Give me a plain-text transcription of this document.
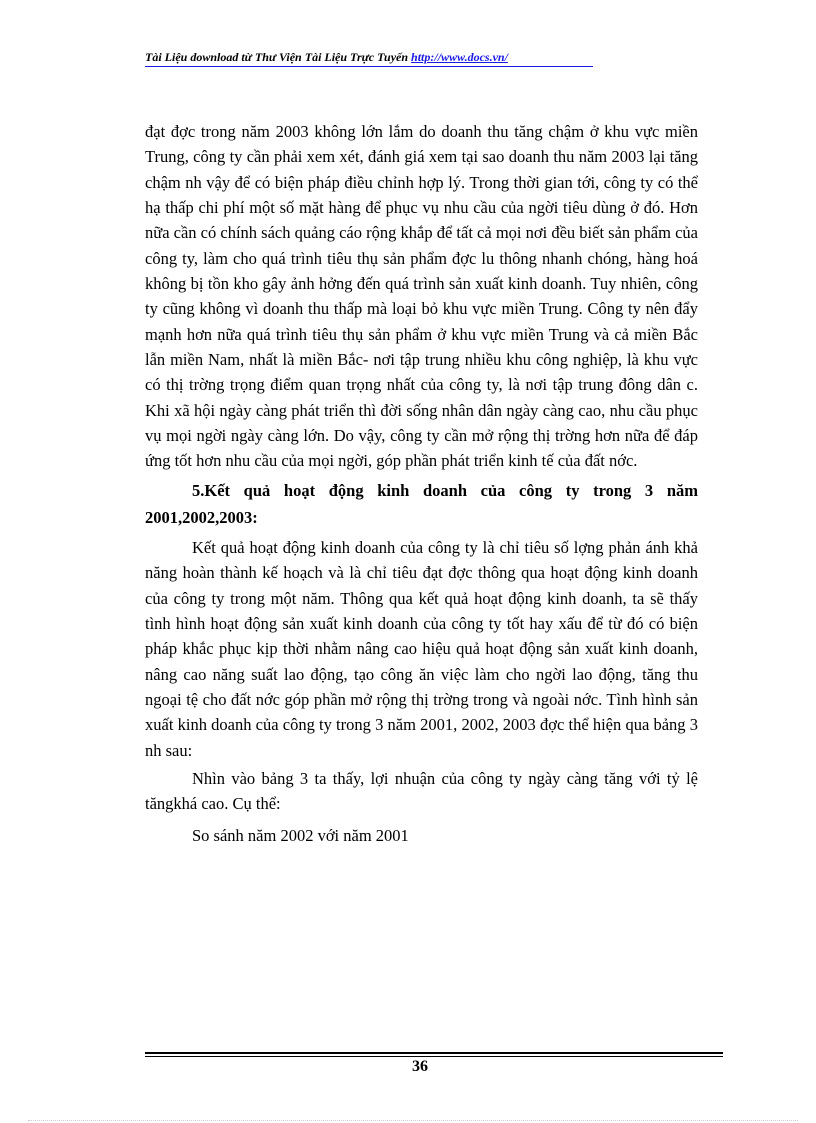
Tài Liệu download từ Thư Viện Tài Liệu Trực Tuyến http://www.docs.vn/

đạt đợc trong năm 2003 không lớn lắm do doanh thu tăng chậm ở khu vực miền Trung, công ty cần phải xem xét, đánh giá xem tại sao doanh thu năm 2003 lại tăng chậm nh vậy để có biện pháp điều chỉnh hợp lý. Trong thời gian tới, công ty có thể hạ thấp chi phí một số mặt hàng để phục vụ nhu cầu của ngời tiêu dùng ở đó. Hơn nữa cần có chính sách quảng cáo rộng khắp để tất cả mọi nơi đều biết sản phẩm của công ty, làm cho quá trình tiêu thụ sản phẩm đợc lu thông nhanh chóng, hàng hoá không bị tồn kho gây ảnh hởng đến quá trình sản xuất kinh doanh. Tuy nhiên, công ty cũng không vì doanh thu thấp mà loại bỏ khu vực miền Trung. Công ty nên đẩy mạnh hơn nữa quá trình tiêu thụ sản phẩm ở khu vực miền Trung và cả miền Bắc lẫn miền Nam, nhất là miền Bắc- nơi tập trung nhiều khu công nghiệp, là khu vực có thị trờng trọng điểm quan trọng nhất của công ty, là nơi tập trung đông dân c. Khi xã hội ngày càng phát triển thì đời sống nhân dân ngày càng cao, nhu cầu phục vụ mọi ngời ngày càng lớn. Do vậy, công ty cần mở rộng thị trờng hơn nữa để đáp ứng tốt hơn nhu cầu của mọi ngời, góp phần phát triển kinh tế của đất nớc.

5.Kết quả hoạt động kinh doanh của công ty trong 3 năm 2001,2002,2003:

Kết quả hoạt động kinh doanh của công ty là chỉ tiêu số lợng phản ánh khả năng hoàn thành kế hoạch và là chỉ tiêu đạt đợc thông qua hoạt động kinh doanh của công ty trong một năm. Thông qua kết quả hoạt động kinh doanh, ta sẽ thấy tình hình hoạt động sản xuất kinh doanh của công ty tốt hay xấu để từ đó có biện pháp khắc phục kịp thời nhằm nâng cao hiệu quả hoạt động sản xuất kinh doanh, nâng cao năng suất lao động, tạo công ăn việc làm cho ngời lao động, tăng thu ngoại tệ cho đất nớc góp phần mở rộng thị trờng trong và ngoài nớc. Tình hình sản xuất kinh doanh của công ty trong 3 năm 2001, 2002, 2003 đợc thể hiện qua bảng 3 nh sau:

Nhìn vào bảng 3 ta thấy, lợi nhuận của công ty ngày càng tăng với tỷ lệ tăngkhá cao. Cụ thể:

So sánh năm 2002 với năm 2001

36
